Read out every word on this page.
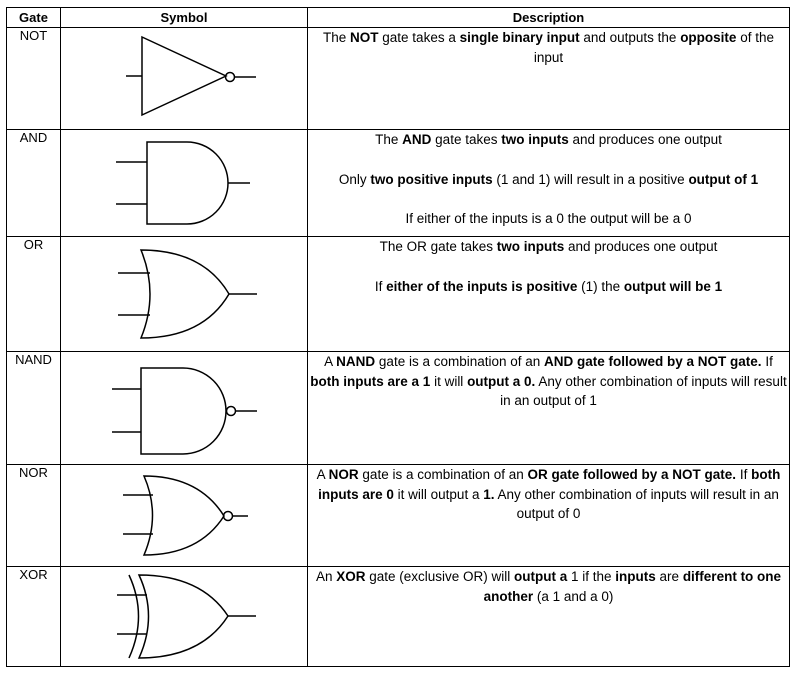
Gate	Symbol	Description
NOT		The NOT gate takes a single binary input and outputs the opposite of the input

AND		The AND gate takes two inputs and produces one output

Only two positive inputs (1 and 1) will result in a positive output of 1

If either of the inputs is a 0 the output will be a 0

OR		The OR gate takes two inputs and produces one output

If either of the inputs is positive (1) the output will be 1

NAND		A NAND gate is a combination of an AND gate followed by a NOT gate. If both inputs are a 1 it will output a 0. Any other combination of inputs will result in an output of 1

NOR		A NOR gate is a combination of an OR gate followed by a NOT gate. If both inputs are 0 it will output a 1. Any other combination of inputs will result in an output of 0

XOR		An XOR gate (exclusive OR) will output a 1 if the inputs are different to one another (a 1 and a 0)
